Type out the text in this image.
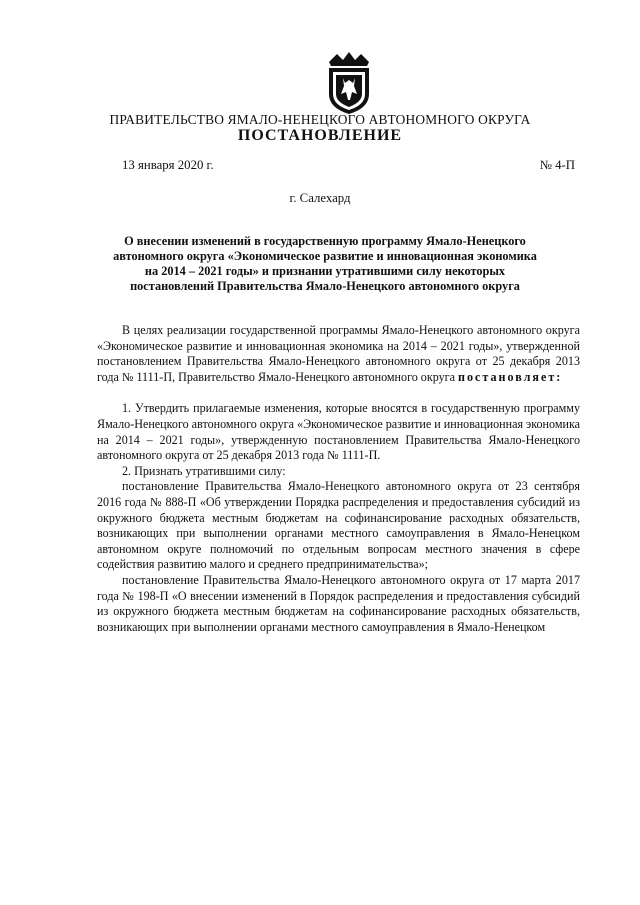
ПРАВИТЕЛЬСТВО ЯМАЛО-НЕНЕЦКОГО АВТОНОМНОГО ОКРУГА
ПОСТАНОВЛЕНИЕ
13 января 2020 г.	№ 4-П
г. Салехард
О внесении изменений в государственную программу Ямало-Ненецкого автономного округа «Экономическое развитие и инновационная экономика на 2014 – 2021 годы» и признании утратившими силу некоторых постановлений Правительства Ямало-Ненецкого автономного округа

В целях реализации государственной программы Ямало-Ненецкого автономного округа «Экономическое развитие и инновационная экономика на 2014 – 2021 годы», утвержденной постановлением Правительства Ямало-Ненецкого автономного округа от 25 декабря 2013 года № 1111-П, Правительство Ямало-Ненецкого автономного округа постановляет:

1. Утвердить прилагаемые изменения, которые вносятся в государственную программу Ямало-Ненецкого автономного округа «Экономическое развитие и инновационная экономика на 2014 – 2021 годы», утвержденную постановлением Правительства Ямало-Ненецкого автономного округа от 25 декабря 2013 года № 1111-П.

2. Признать утратившими силу:

постановление Правительства Ямало-Ненецкого автономного округа от 23 сентября 2016 года № 888-П «Об утверждении Порядка распределения и предоставления субсидий из окружного бюджета местным бюджетам на софинансирование расходных обязательств, возникающих при выполнении органами местного самоуправления в Ямало-Ненецком автономном округе полномочий по отдельным вопросам местного значения в сфере содействия развитию малого и среднего предпринимательства»;

постановление Правительства Ямало-Ненецкого автономного округа от 17 марта 2017 года № 198-П «О внесении изменений в Порядок распределения и предоставления субсидий из окружного бюджета местным бюджетам на софинансирование расходных обязательств, возникающих при выполнении органами местного самоуправления в Ямало-Ненецком
